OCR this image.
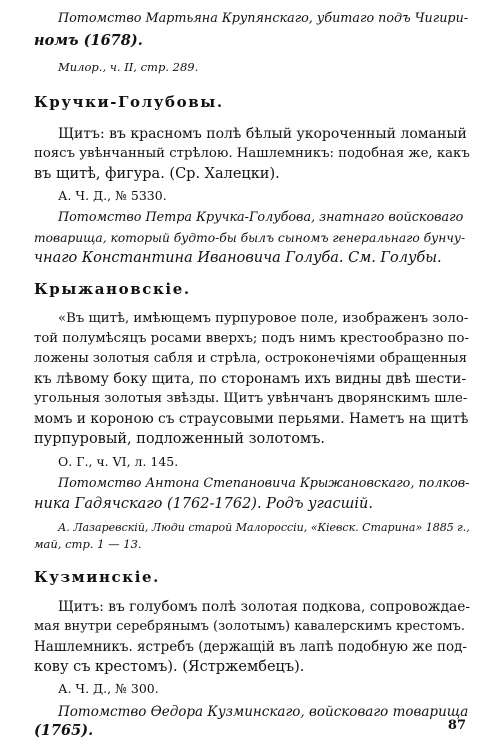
Потомство Мартьяна Крупянскаго, убитаго подъ Чигири-
номъ (1678).
Милор., ч. II, стр. 289.
Кручки-Голубовы.
Щитъ: въ красномъ полѣ бѣлый укороченный ломаный
поясъ увѣнчанный стрѣлою. Нашлемникъ: подобная же, какъ
въ щитѣ, фигура. (Ср. Халецки).
А. Ч. Д., № 5330.
Потомство Петра Кручка-Голубова, знатнаго войсковаго
товарища, который будто-бы былъ сыномъ генеральнаго бунчу-
чнаго Константина Ивановича Голуба. См. Голубы.
Крыжановскіе.
«Въ щитѣ, имѣющемъ пурпуровое поле, изображенъ золо-
той полумѣсяцъ росами вверхъ; подъ нимъ крестообразно по-
ложены золотыя сабля и стрѣла, остроконечіями обращенныя
къ лѣвому боку щита, по сторонамъ ихъ видны двѣ шести-
угольныя золотыя звѣзды. Щитъ увѣнчанъ дворянскимъ шле-
момъ и короною съ страусовыми перьями. Наметъ на щитѣ
пурпуровый, подложенный золотомъ.
О. Г., ч. VI, л. 145.
Потомство Антона Степановича Крыжановскаго, полков-
ника Гадячскаго (1762-1762). Родъ угасшій.
А. Лазаревскій, Люди старой Малороссіи, «Кіевск. Старина» 1885 г.,
май, стр. 1 — 13.
Кузминскіе.
Щитъ: въ голубомъ полѣ золотая подкова, сопровождае-
мая внутри серебрянымъ (золотымъ) кавалерскимъ крестомъ.
Нашлемникъ. ястребъ (держащій въ лапѣ подобную же под-
кову съ крестомъ). (Ястржембецъ).
А. Ч. Д., № 300.
Потомство Өедора Кузминскаго, войсковаго товарища
(1765).	87
